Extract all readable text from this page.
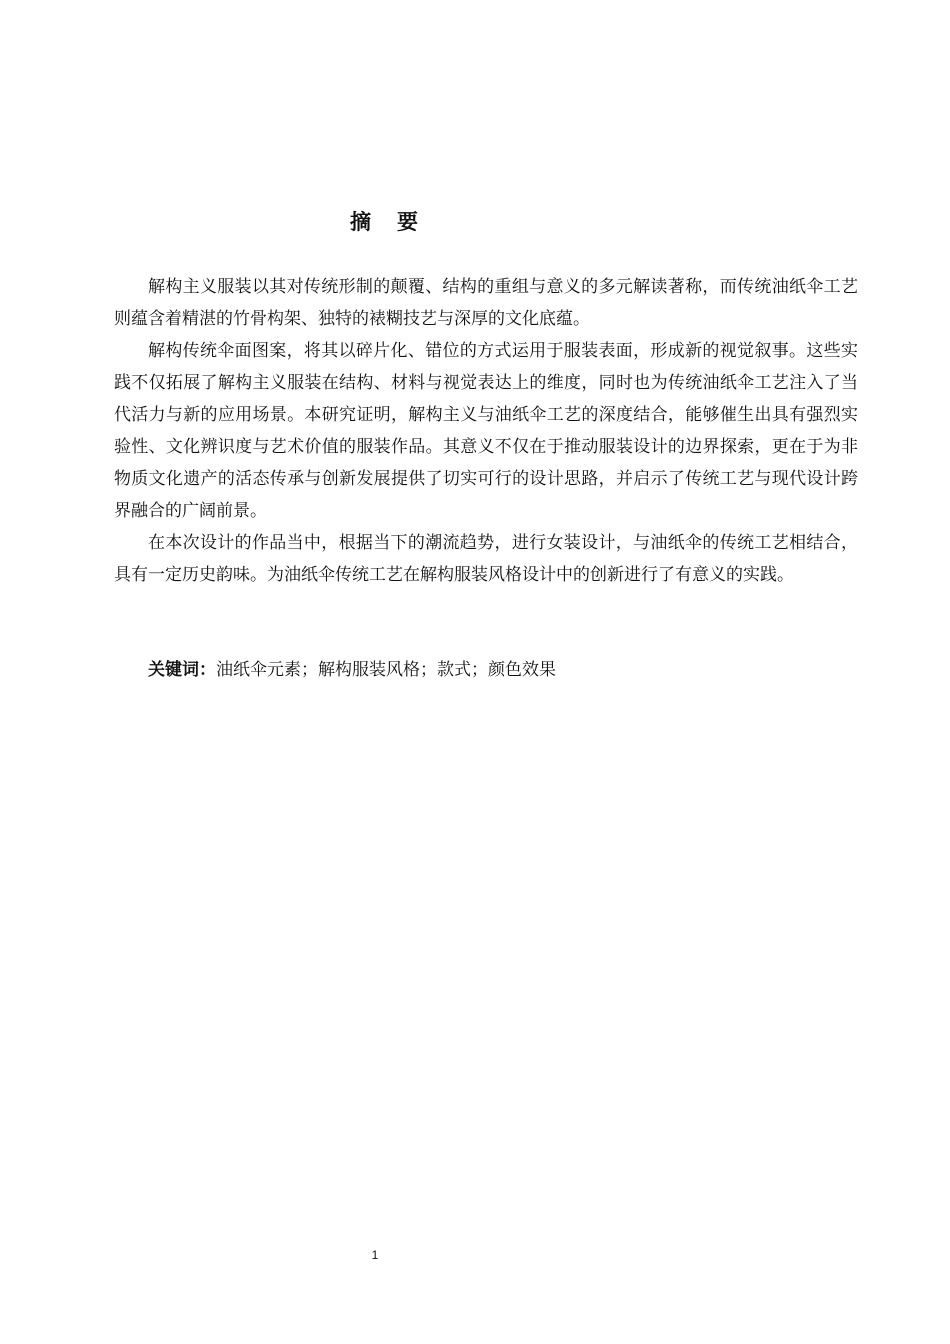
摘 要

解构主义服装以其对传统形制的颠覆、结构的重组与意义的多元解读著称，而传统油纸伞工艺则蕴含着精湛的竹骨构架、独特的裱糊技艺与深厚的文化底蕴。

解构传统伞面图案，将其以碎片化、错位的方式运用于服装表面，形成新的视觉叙事。这些实践不仅拓展了解构主义服装在结构、材料与视觉表达上的维度，同时也为传统油纸伞工艺注入了当代活力与新的应用场景。本研究证明，解构主义与油纸伞工艺的深度结合，能够催生出具有强烈实验性、文化辨识度与艺术价值的服装作品。其意义不仅在于推动服装设计的边界探索，更在于为非物质文化遗产的活态传承与创新发展提供了切实可行的设计思路，并启示了传统工艺与现代设计跨界融合的广阔前景。

在本次设计的作品当中，根据当下的潮流趋势，进行女装设计，与油纸伞的传统工艺相结合，具有一定历史韵味。为油纸伞传统工艺在解构服装风格设计中的创新进行了有意义的实践。

关键词：油纸伞元素；解构服装风格；款式；颜色效果
1
